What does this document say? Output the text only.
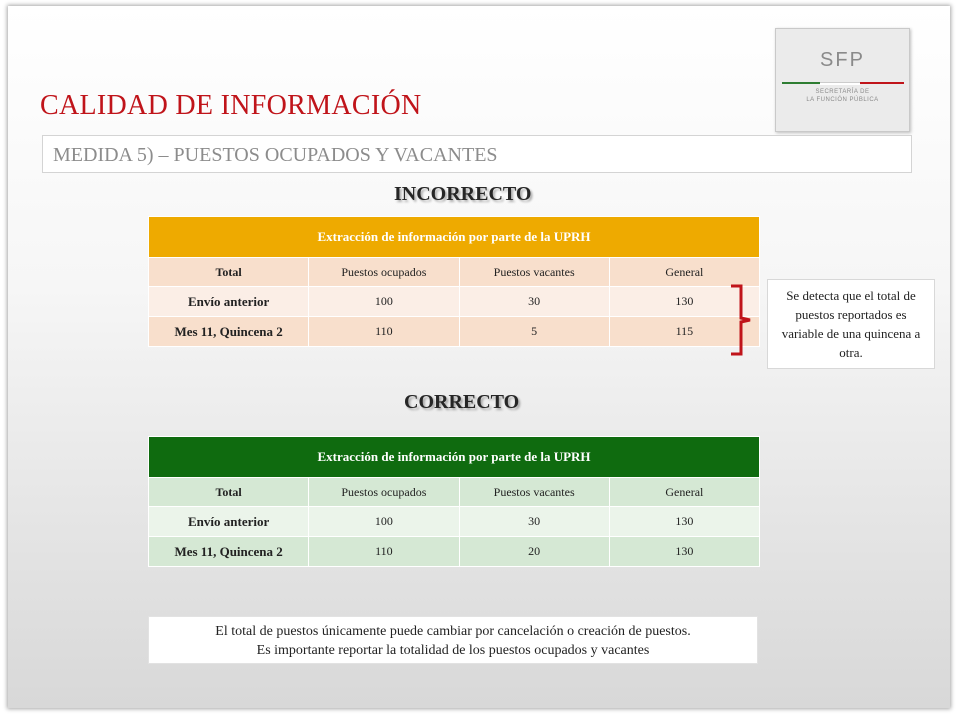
SFP
SECRETARÍA DE
LA FUNCIÓN PÚBLICA
CALIDAD DE INFORMACIÓN
MEDIDA 5) – PUESTOS OCUPADOS Y VACANTES
INCORRECTO
Extracción de información por parte de la UPRH			
Total	Puestos ocupados	Puestos vacantes	General
Envío anterior	100	30	130
Mes 11, Quincena 2	110	5	115
Se detecta que el total de puestos reportados es variable de una quincena a otra.
CORRECTO
Extracción de información por parte de la UPRH			
Total	Puestos ocupados	Puestos vacantes	General
Envío anterior	100	30	130
Mes 11, Quincena 2	110	20	130
El total de puestos únicamente puede cambiar por cancelación o creación de puestos.
Es importante reportar la totalidad de los puestos ocupados y vacantes
